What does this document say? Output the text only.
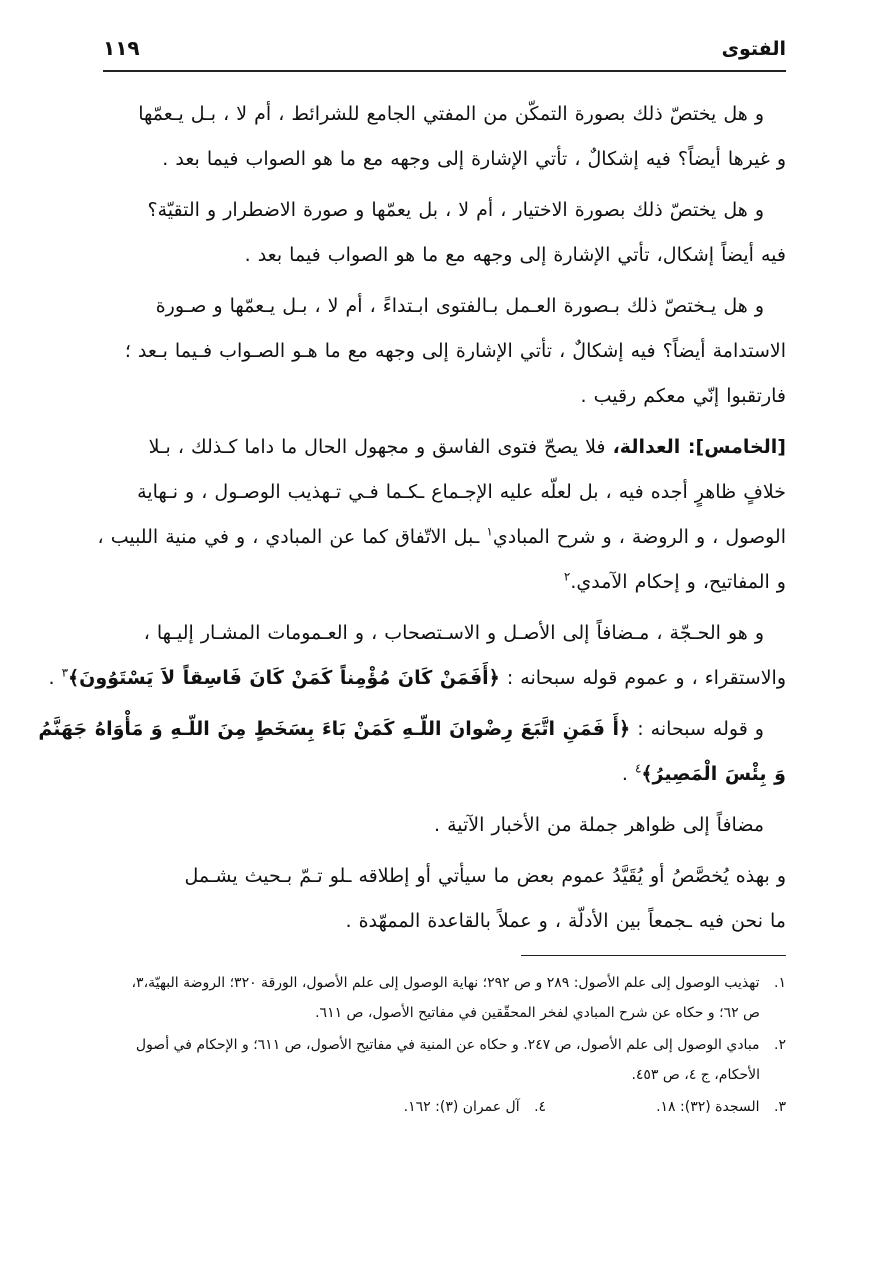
الفتوى
١١٩

و هل يختصّ ذلك بصورة التمكّن من المفتي الجامع للشرائط ، أم لا ، بـل يـعمّها
و غيرها أيضاً؟ فيه إشكالٌ ، تأتي الإشارة إلى وجهه مع ما هو الصواب فيما بعد .

و هل يختصّ ذلك بصورة الاختيار ، أم لا ، بل يعمّها و صورة الاضطرار و التقيّة؟
فيه أيضاً إشكال، تأتي الإشارة إلى وجهه مع ما هو الصواب فيما بعد .

و هل يـختصّ ذلك بـصورة العـمل بـالفتوى ابـتداءً ، أم لا ، بـل يـعمّها و صـورة
الاستدامة أيضاً؟ فيه إشكالٌ ، تأتي الإشارة إلى وجهه مع ما هـو الصـواب فـيما بـعد ؛
فارتقبوا إنّي معكم رقيب .

[الخامس]: العدالة، فلا يصحّ فتوى الفاسق و مجهول الحال ما داما كـذلك ، بـلا
خلافٍ ظاهرٍ أجده فيه ، بل لعلّه عليه الإجـماع ـكـما فـي تـهذيب الوصـول ، و نـهاية
الوصول ، و الروضة ، و شرح المبادي$^١$ ـبل الاتّفاق كما عن المبادي ، و في منية اللبيب ،
و المفاتيح، و إحكام الآمدي.$^٢$

و هو الحـجّة ، مـضافاً إلى الأصـل و الاسـتصحاب ، و العـمومات المشـار إليـها ،
والاستقراء ، و عموم قوله سبحانه : ﴿أَفَمَنْ كَانَ مُؤْمِناً كَمَنْ كَانَ فَاسِقاً لاَ يَسْتَوُونَ﴾$^٣$ .

و قوله سبحانه : ﴿أَ فَمَنِ اتَّبَعَ رِضْوانَ اللّـهِ كَمَنْ بَاءَ بِسَخَطٍ مِنَ اللّـهِ وَ مَأْوَاهُ جَهَنَّمُ
وَ بِئْسَ الْمَصِيرُ﴾$^٤$ .

مضافاً إلى ظواهر جملة من الأخبار الآتية .

و بهذه يُخصَّصُ أو يُقَيَّدُ عموم بعض ما سيأتي أو إطلاقه ـلو تـمّ بـحيث يشـمل
ما نحن فيه ـجمعاً بين الأدلّة ، و عملاً بالقاعدة الممهّدة .

١. تهذيب الوصول إلى علم الأصول: ٢٨٩ و ص ٢٩٢؛ نهاية الوصول إلى علم الأصول، الورقة ٣٢٠؛ الروضة البهيّة،٣،
ص ٦٢؛ و حكاه عن شرح المبادي لفخر المحقّقين في مفاتيح الأصول، ص ٦١١.
٢. مبادي الوصول إلى علم الأصول، ص ٢٤٧. و حكاه عن المنية في مفاتيح الأصول، ص ٦١١؛ و الإحكام في أصول
الأحكام، ج ٤، ص ٤٥٣.
٣. السجدة (٣٢): ١٨.
٤. آل عمران (٣): ١٦٢.
